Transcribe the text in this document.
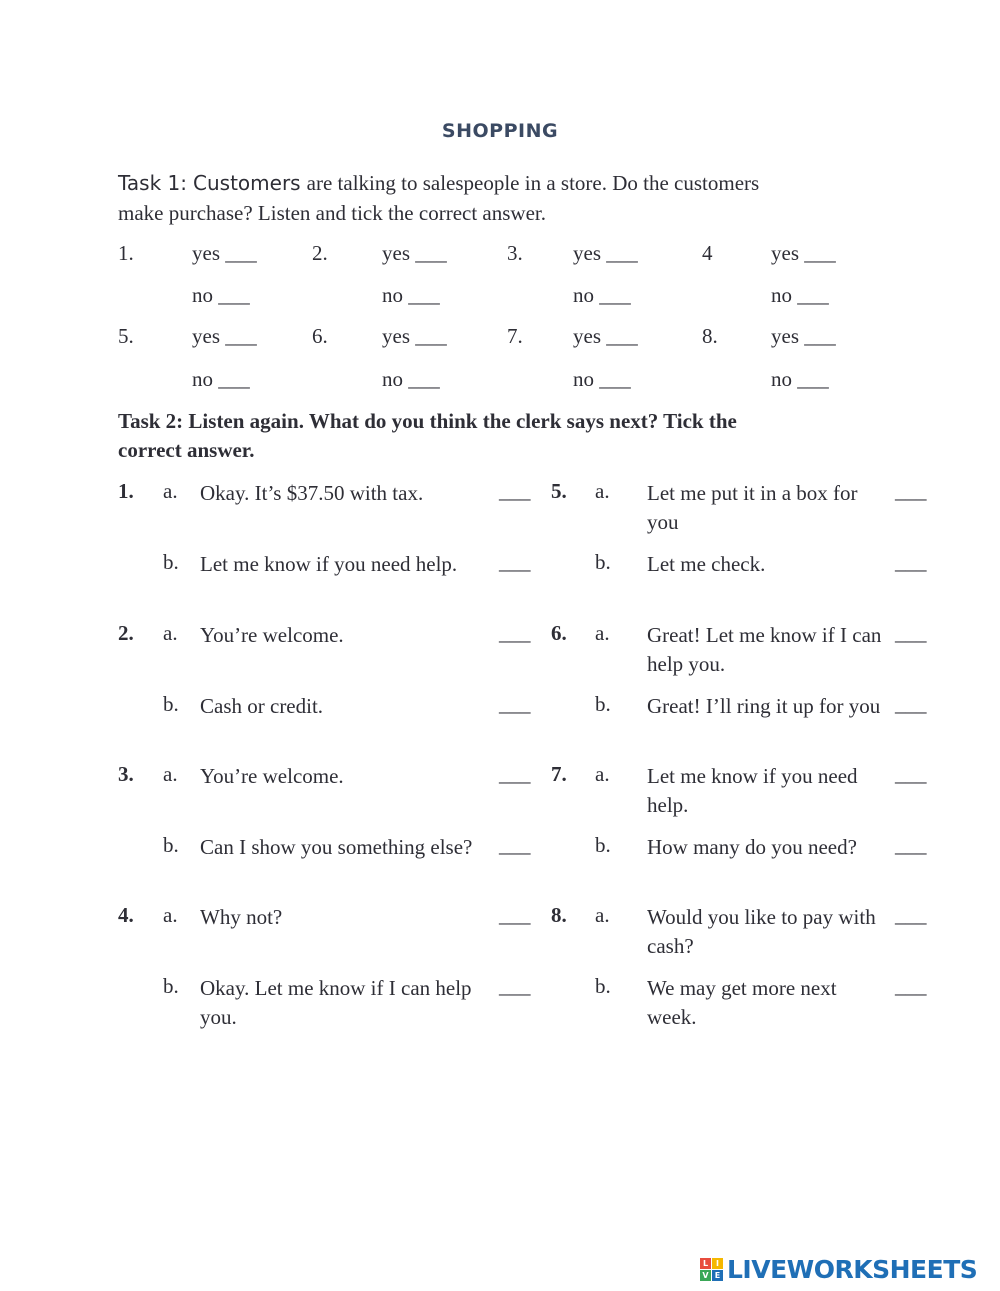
SHOPPING
Task 1: Customers are talking to salespeople in a store. Do the customers
make purchase? Listen and tick the correct answer.
1.	yes ___
no ___
2.	yes ___
no ___
3. yes ___
no ___
4	yes ___
no ___
5.	yes ___
no ___
6.	yes ___
no ___
7. yes ___
no ___
8.	yes ___
no ___
Task 2: Listen again. What do you think the clerk says next? Tick the
correct answer.
1. a. Okay. It’s $37.50 with tax.	___
b. Let me know if you need help.	___
2. a. You’re welcome.	___
b. Cash or credit.	___
3. a. You’re welcome.	___
b. Can I show you something else?	___
4. a. Why not?	___
b. Okay. Let me know if I can help you.
___
5. a. Let me put it in a box for you
___
b. Let me check.	___
6. a. Great! Let me know if I can help you.
___
b. Great! I’ll ring it up for you ___
7. a. Let me know if you need help.
___
b. How many do you need?	___
8. a. Would you like to pay with cash?
___
b. We may get more next week.
___
L I
V E LIVEWORKSHEETS
